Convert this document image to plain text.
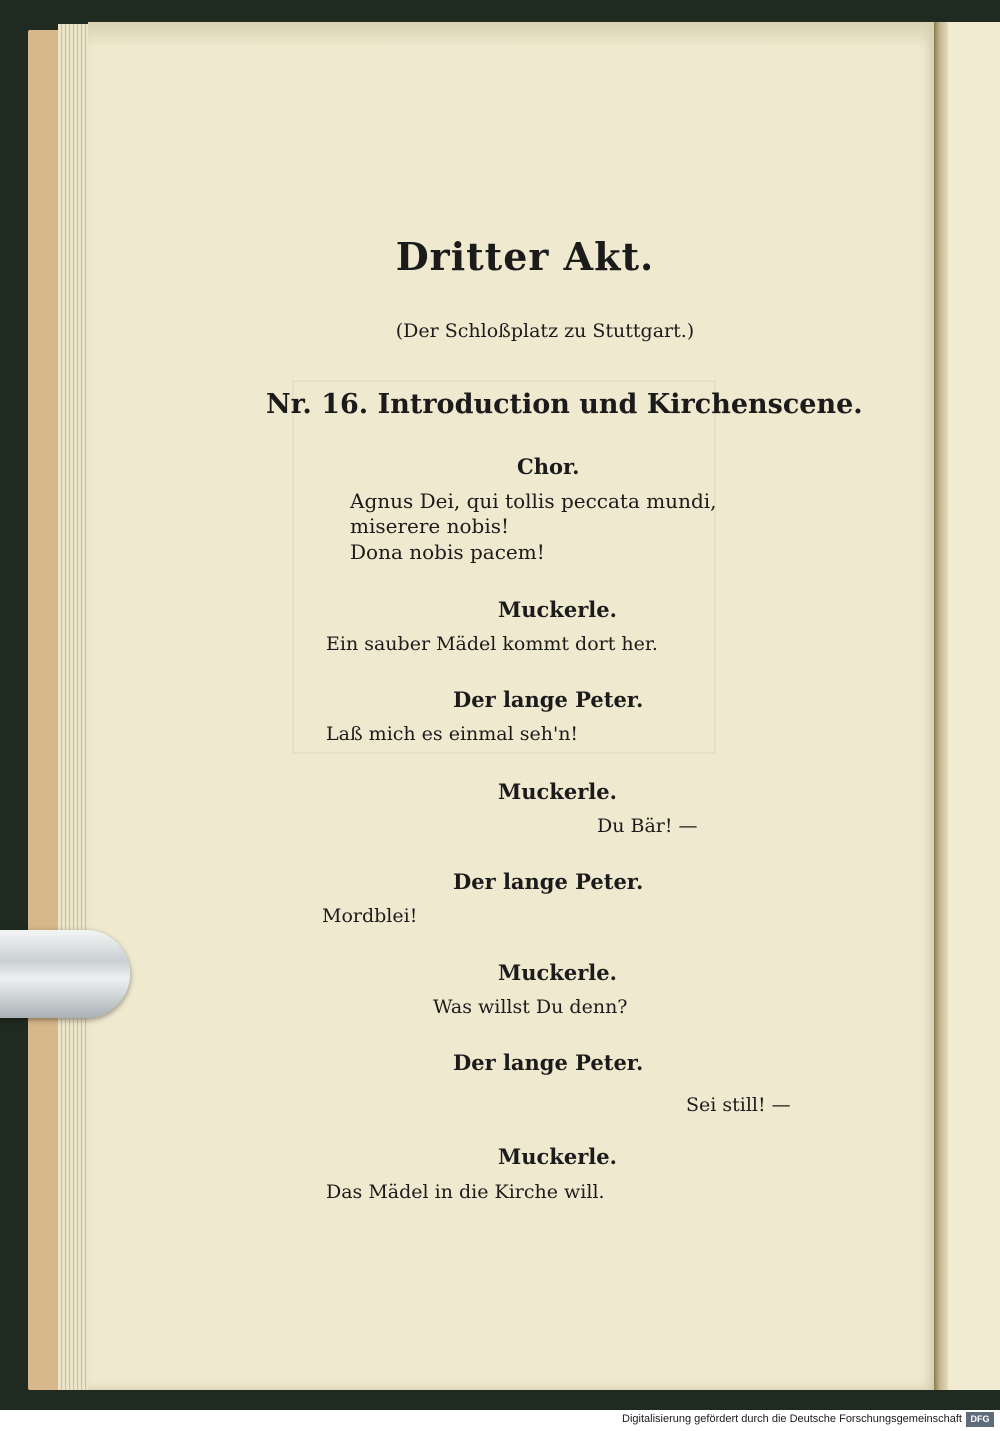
Dritter Akt.
(Der Schloßplatz zu Stuttgart.)
Nr. 16. Introduction und Kirchenscene.
Chor.
Agnus Dei, qui tollis peccata mundi,
miserere nobis!
Dona nobis pacem!
Muckerle.
Ein sauber Mädel kommt dort her.
Der lange Peter.
Laß mich es einmal seh'n!
Muckerle.
Du Bär! —
Der lange Peter.
Mordblei!
Muckerle.
Was willst Du denn?
Der lange Peter.
Sei still! —
Muckerle.
Das Mädel in die Kirche will.
Digitalisierung gefördert durch die Deutsche Forschungsgemeinschaft DFG
